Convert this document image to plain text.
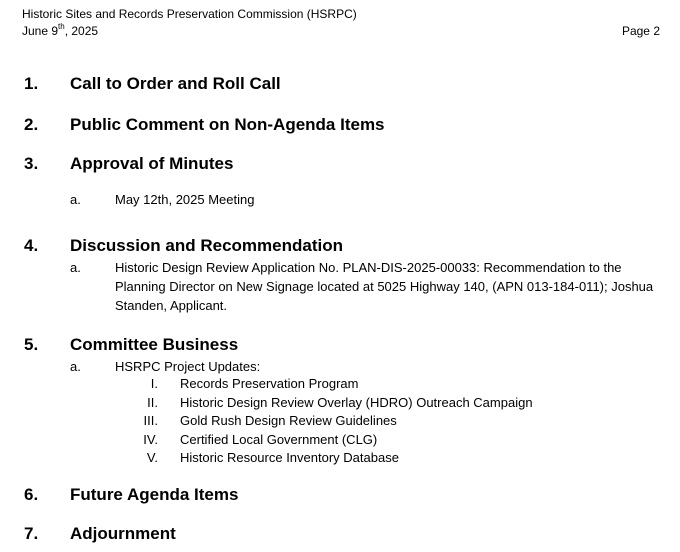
Historic Sites and Records Preservation Commission (HSRPC)
June 9th, 2025	Page 2
1. Call to Order and Roll Call
2. Public Comment on Non-Agenda Items
3. Approval of Minutes
a.	May 12th, 2025 Meeting
4. Discussion and Recommendation
a.	Historic Design Review Application No. PLAN-DIS-2025-00033: Recommendation to the Planning Director on New Signage located at 5025 Highway 140, (APN 013-184-011); Joshua Standen, Applicant.
5. Committee Business
a.	HSRPC Project Updates:
I. Records Preservation Program
II. Historic Design Review Overlay (HDRO) Outreach Campaign
III. Gold Rush Design Review Guidelines
IV. Certified Local Government (CLG)
V. Historic Resource Inventory Database
6. Future Agenda Items
7. Adjournment
